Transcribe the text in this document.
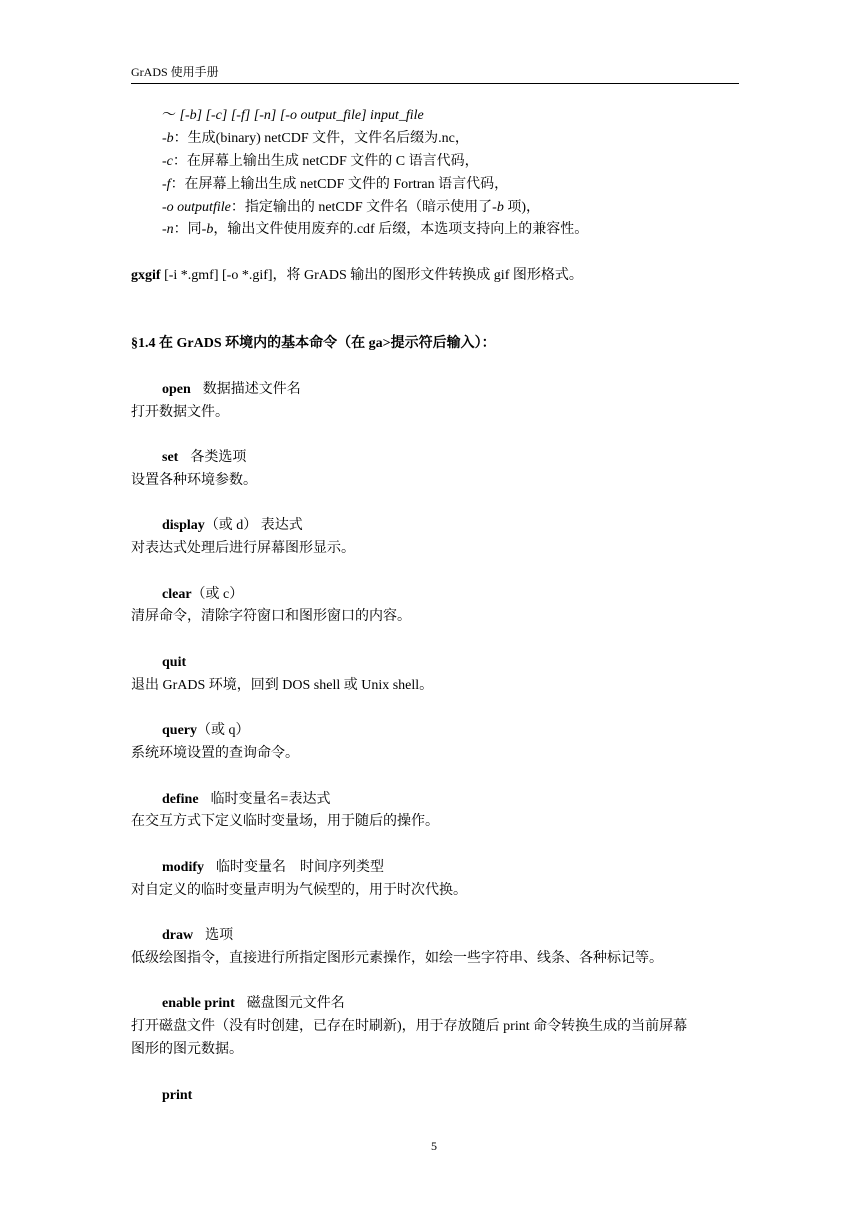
GrADS 使用手册
～ [-b] [-c] [-f] [-n] [-o output_file] input_file
-b：生成(binary) netCDF 文件，文件名后缀为.nc，
-c：在屏幕上输出生成 netCDF 文件的 C 语言代码，
-f：在屏幕上输出生成 netCDF 文件的 Fortran 语言代码，
-o outputfile：指定输出的 netCDF 文件名（暗示使用了-b 项)，
-n：同-b，输出文件使用废弃的.cdf 后缀，本选项支持向上的兼容性。
gxgif [-i *.gmf] [-o *.gif]，将 GrADS 输出的图形文件转换成 gif 图形格式。
§1.4 在 GrADS 环境内的基本命令（在 ga>提示符后输入）：
open 数据描述文件名
打开数据文件。
set 各类选项
设置各种环境参数。
display（或 d） 表达式
对表达式处理后进行屏幕图形显示。
clear（或 c）
清屏命令，清除字符窗口和图形窗口的内容。
quit
退出 GrADS 环境，回到 DOS shell 或 Unix shell。
query（或 q）
系统环境设置的查询命令。
define 临时变量名=表达式
在交互方式下定义临时变量场，用于随后的操作。
modify 临时变量名    时间序列类型
对自定义的临时变量声明为气候型的，用于时次代换。
draw 选项
低级绘图指令，直接进行所指定图形元素操作，如绘一些字符串、线条、各种标记等。
enable print 磁盘图元文件名
打开磁盘文件（没有时创建，已存在时刷新)，用于存放随后 print 命令转换生成的当前屏幕
图形的图元数据。
print
5
